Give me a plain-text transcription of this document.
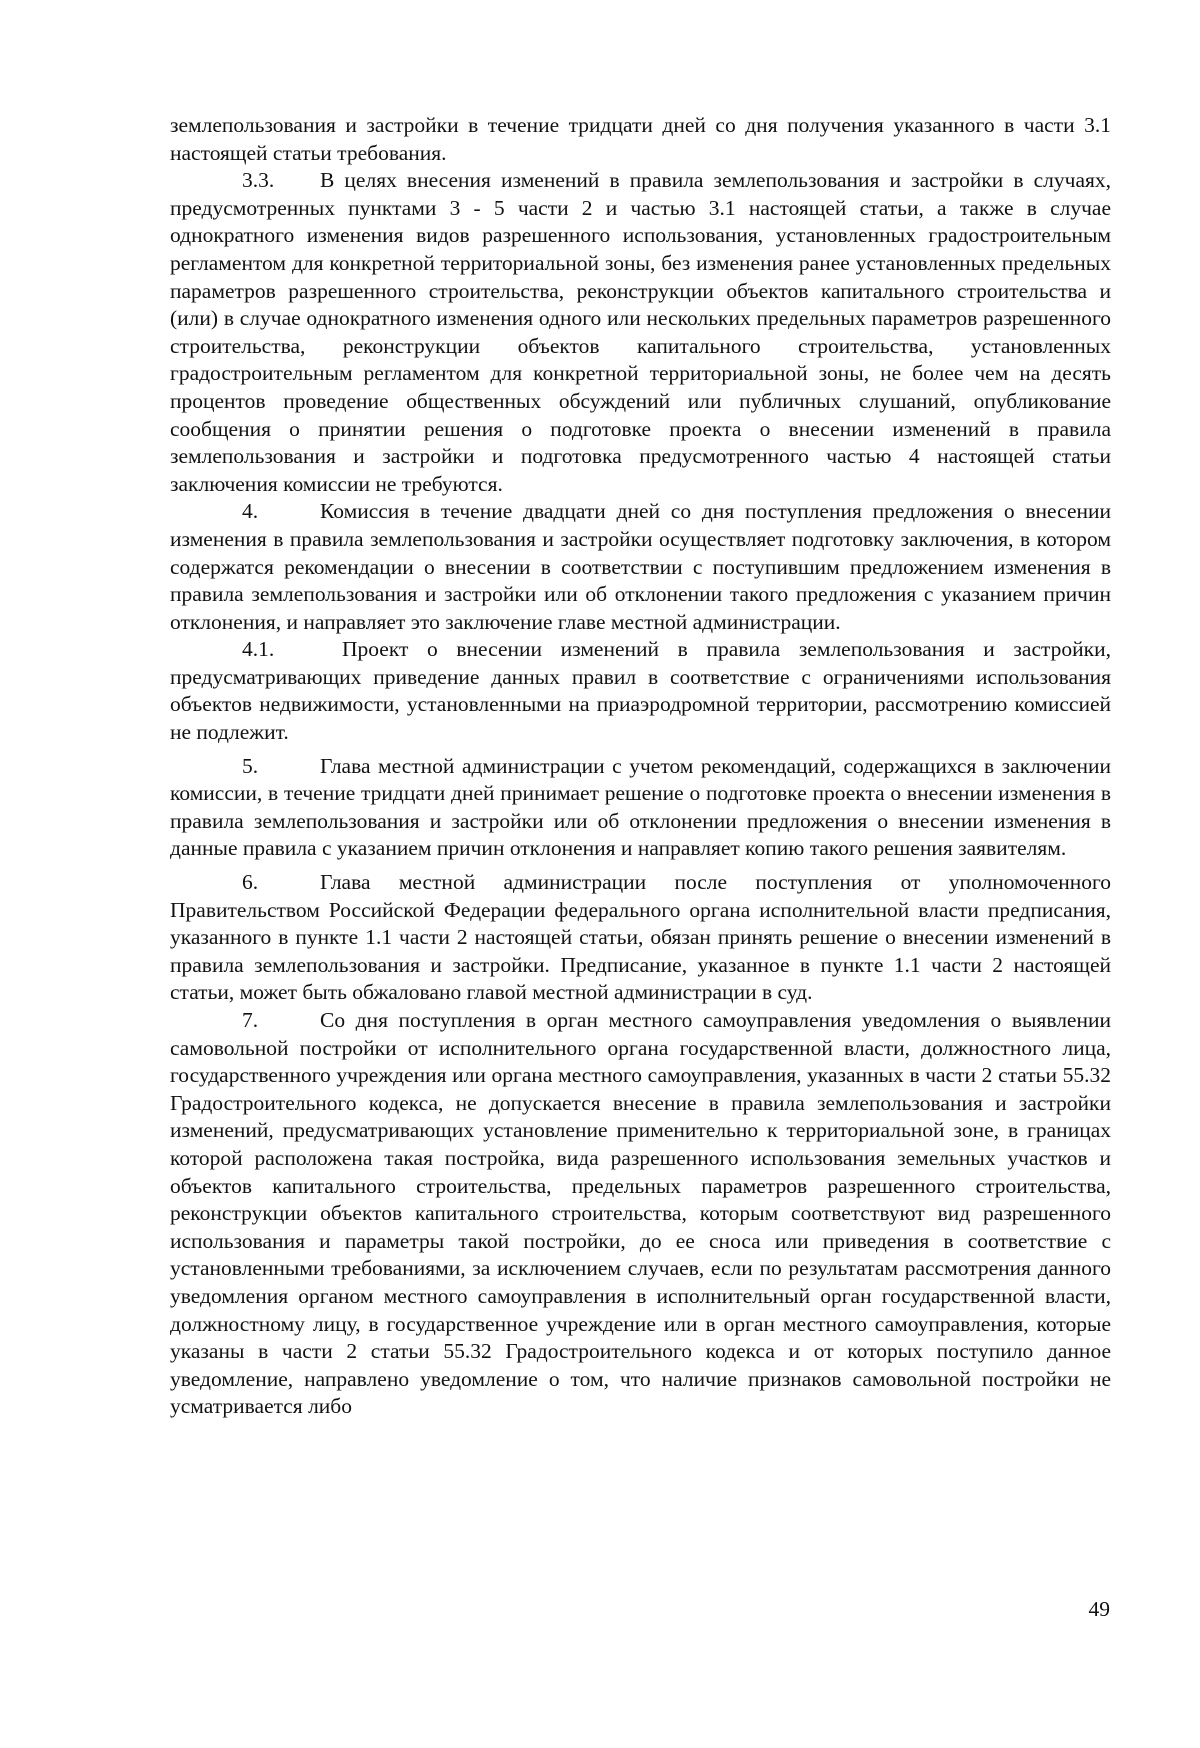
землепользования и застройки в течение тридцати дней со дня получения указанного в части 3.1 настоящей статьи требования.

3.3. В целях внесения изменений в правила землепользования и застройки в случаях, предусмотренных пунктами 3 - 5 части 2 и частью 3.1 настоящей статьи, а также в случае однократного изменения видов разрешенного использования, установленных градостроительным регламентом для конкретной территориальной зоны, без изменения ранее установленных предельных параметров разрешенного строительства, реконструкции объектов капитального строительства и (или) в случае однократного изменения одного или нескольких предельных параметров разрешенного строительства, реконструкции объектов капитального строительства, установленных градостроительным регламентом для конкретной территориальной зоны, не более чем на десять процентов проведение общественных обсуждений или публичных слушаний, опубликование сообщения о принятии решения о подготовке проекта о внесении изменений в правила землепользования и застройки и подготовка предусмотренного частью 4 настоящей статьи заключения комиссии не требуются.

4.	Комиссия в течение двадцати дней со дня поступления предложения о внесении изменения в правила землепользования и застройки осуществляет подготовку заключения, в котором содержатся рекомендации о внесении в соответствии с поступившим предложением изменения в правила землепользования и застройки или об отклонении такого предложения с указанием причин отклонения, и направляет это заключение главе местной администрации.

4.1.	Проект о внесении изменений в правила землепользования и застройки, предусматривающих приведение данных правил в соответствие с ограничениями использования объектов недвижимости, установленными на приаэродромной территории, рассмотрению комиссией не подлежит.

5.	Глава местной администрации с учетом рекомендаций, содержащихся в заключении комиссии, в течение тридцати дней принимает решение о подготовке проекта о внесении изменения в правила землепользования и застройки или об отклонении предложения о внесении изменения в данные правила с указанием причин отклонения и направляет копию такого решения заявителям.

6.	Глава местной администрации после поступления от уполномоченного Правительством Российской Федерации федерального органа исполнительной власти предписания, указанного в пункте 1.1 части 2 настоящей статьи, обязан принять решение о внесении изменений в правила землепользования и застройки. Предписание, указанное в пункте 1.1 части 2 настоящей статьи, может быть обжаловано главой местной администрации в суд.

7.	Со дня поступления в орган местного самоуправления уведомления о выявлении самовольной постройки от исполнительного органа государственной власти, должностного лица, государственного учреждения или органа местного самоуправления, указанных в части 2 статьи 55.32 Градостроительного кодекса, не допускается внесение в правила землепользования и застройки изменений, предусматривающих установление применительно к территориальной зоне, в границах которой расположена такая постройка, вида разрешенного использования земельных участков и объектов капитального строительства, предельных параметров разрешенного строительства, реконструкции объектов капитального строительства, которым соответствуют вид разрешенного использования и параметры такой постройки, до ее сноса или приведения в соответствие с установленными требованиями, за исключением случаев, если по результатам рассмотрения данного уведомления органом местного самоуправления в исполнительный орган государственной власти, должностному лицу, в государственное учреждение или в орган местного самоуправления, которые указаны в части 2 статьи 55.32 Градостроительного кодекса и от которых поступило данное уведомление, направлено уведомление о том, что наличие признаков самовольной постройки не усматривается либо

49
